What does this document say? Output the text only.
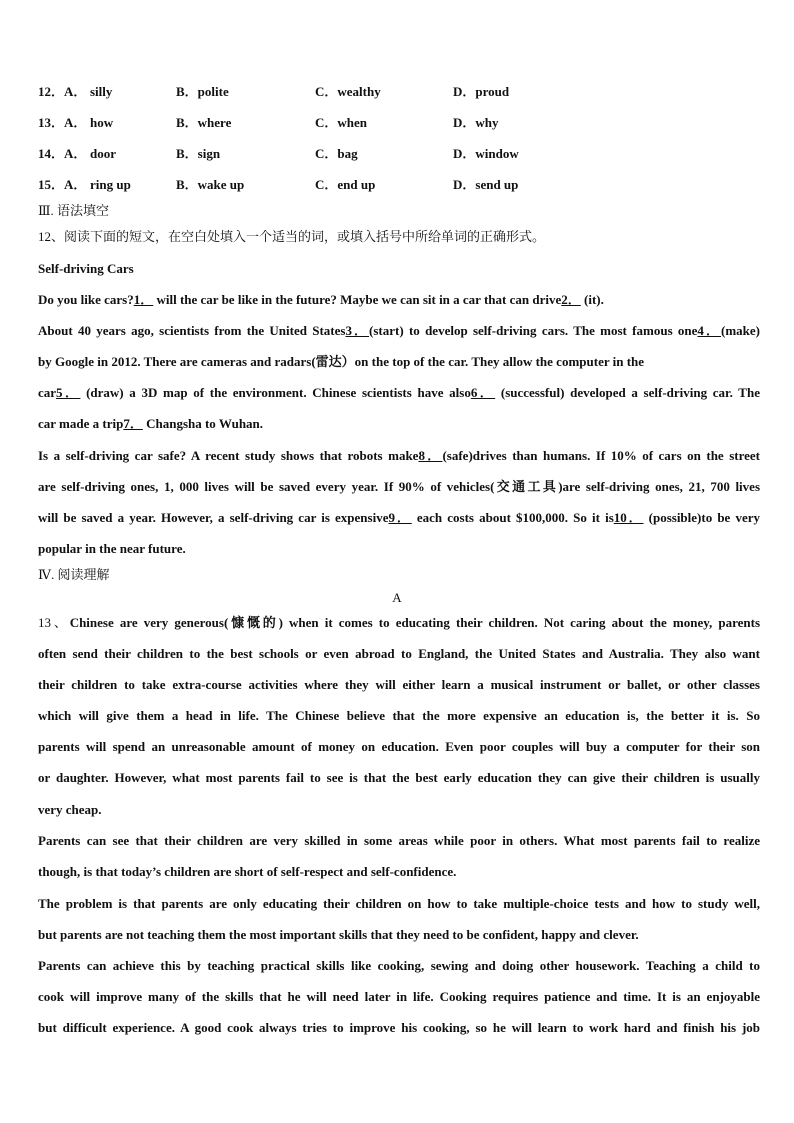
12．A． silly	B．polite	C．wealthy	D．proud
13．A． how	B．where	C．when	D．why
14．A． door	B．sign	C．bag	D．window
15．A． ring up	B．wake up	C．end up	D．send up
Ⅲ. 语法填空
12、阅读下面的短文，在空白处填入一个适当的词，或填入括号中所给单词的正确形式。
Self-driving Cars
Do you like cars?1． will the car be like in the future? Maybe we can sit in a car that can drive2． (it).
About 40 years ago, scientists from the United States3．(start) to develop self-driving cars. The most famous one4．(make)
by Google in 2012. There are cameras and radars(雷达）on the top of the car. They allow the computer in the
car5． (draw) a 3D map of the environment. Chinese scientists have also6． (successful) developed a self-driving car. The
car made a trip7． Changsha to Wuhan.
Is a self-driving car safe? A recent study shows that robots make8．(safe)drives than humans. If 10% of cars on the street
are self-driving ones, 1, 000 lives will be saved every year. If 90% of vehicles(交通工具)are self-driving ones, 21, 700 lives
will be saved a year. However, a self-driving car is expensive9． each costs about $100,000. So it is10． (possible)to be very
popular in the near future.
Ⅳ. 阅读理解
A
13、Chinese are very generous(慷慨的) when it comes to educating their children. Not caring about the money, parents
often send their children to the best schools or even abroad to England, the United States and Australia. They also want
their children to take extra-course activities where they will either learn a musical instrument or ballet, or other classes
which will give them a head in life. The Chinese believe that the more expensive an education is, the better it is. So
parents will spend an unreasonable amount of money on education. Even poor couples will buy a computer for their son
or daughter. However, what most parents fail to see is that the best early education they can give their children is usually
very cheap.
Parents can see that their children are very skilled in some areas while poor in others. What most parents fail to realize
though, is that today’s children are short of self-respect and self-confidence.
The problem is that parents are only educating their children on how to take multiple-choice tests and how to study well,
but parents are not teaching them the most important skills that they need to be confident, happy and clever.
Parents can achieve this by teaching practical skills like cooking, sewing and doing other housework. Teaching a child to
cook will improve many of the skills that he will need later in life. Cooking requires patience and time. It is an enjoyable
but difficult experience. A good cook always tries to improve his cooking, so he will learn to work hard and finish his job
